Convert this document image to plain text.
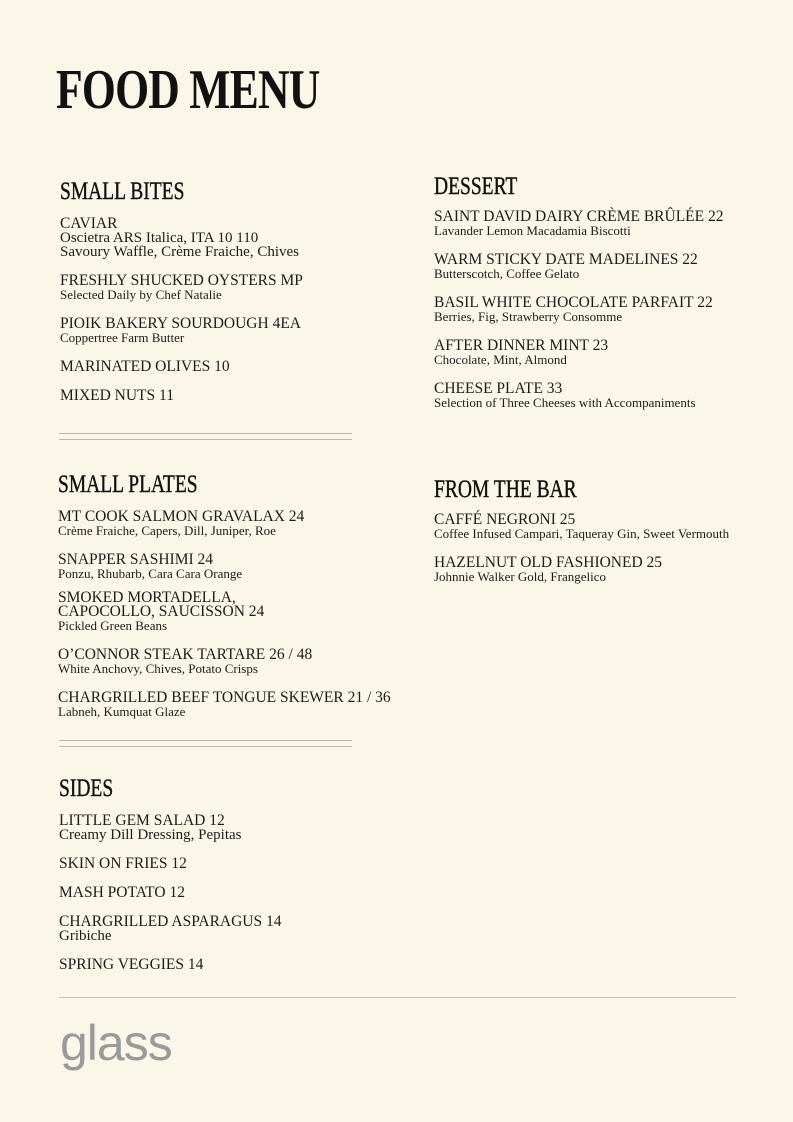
FOOD MENU
SMALL BITES
CAVIAR
Oscietra ARS Italica, ITA 10 110
Savoury Waffle, Crème Fraiche, Chives
FRESHLY SHUCKED OYSTERS MP
Selected Daily by Chef Natalie
PIOIK BAKERY SOURDOUGH 4EA
Coppertree Farm Butter
MARINATED OLIVES 10
MIXED NUTS 11
SMALL PLATES
MT COOK SALMON GRAVALAX 24
Crème Fraiche, Capers, Dill, Juniper, Roe
SNAPPER SASHIMI 24
Ponzu, Rhubarb, Cara Cara Orange
SMOKED MORTADELLA,
CAPOCOLLO, SAUCISSON 24
Pickled Green Beans
O’CONNOR STEAK TARTARE 26 / 48
White Anchovy, Chives, Potato Crisps
CHARGRILLED BEEF TONGUE SKEWER 21 / 36
Labneh, Kumquat Glaze
SIDES
LITTLE GEM SALAD 12
Creamy Dill Dressing, Pepitas
SKIN ON FRIES 12
MASH POTATO 12
CHARGRILLED ASPARAGUS 14
Gribiche
SPRING VEGGIES 14
DESSERT
SAINT DAVID DAIRY CRÈME BRÛLÉE 22
Lavander Lemon Macadamia Biscotti
WARM STICKY DATE MADELINES 22
Butterscotch, Coffee Gelato
BASIL WHITE CHOCOLATE PARFAIT 22
Berries, Fig, Strawberry Consomme
AFTER DINNER MINT 23
Chocolate, Mint, Almond
CHEESE PLATE 33
Selection of Three Cheeses with Accompaniments
FROM THE BAR
CAFFÉ NEGRONI 25
Coffee Infused Campari, Taqueray Gin, Sweet Vermouth
HAZELNUT OLD FASHIONED 25
Johnnie Walker Gold, Frangelico
glass
